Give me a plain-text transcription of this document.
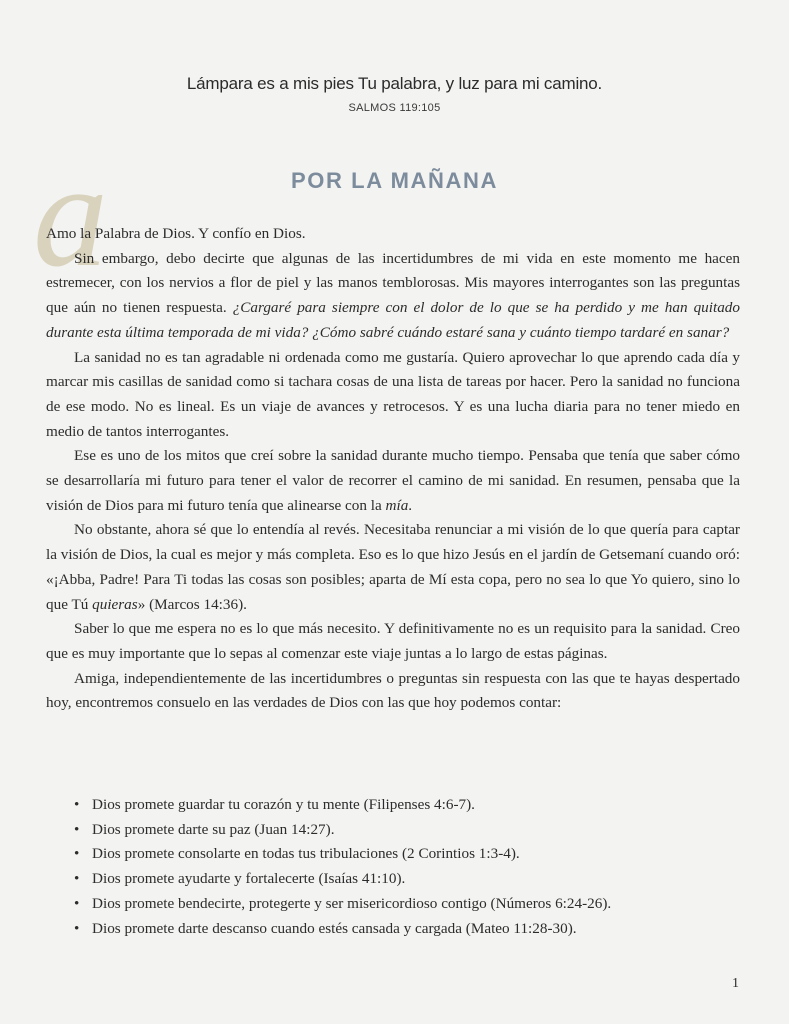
Lámpara es a mis pies Tu palabra, y luz para mi camino.
SALMOS 119:105
a	POR LA MAÑANA

Amo la Palabra de Dios. Y confío en Dios.

Sin embargo, debo decirte que algunas de las incertidumbres de mi vida en este momento me hacen estremecer, con los nervios a flor de piel y las manos temblorosas. Mis mayores interrogantes son las preguntas que aún no tienen respuesta. ¿Cargaré para siempre con el dolor de lo que se ha perdido y me han quitado durante esta última temporada de mi vida? ¿Cómo sabré cuándo estaré sana y cuánto tiempo tardaré en sanar?

La sanidad no es tan agradable ni ordenada como me gustaría. Quiero aprovechar lo que aprendo cada día y marcar mis casillas de sanidad como si tachara cosas de una lista de tareas por hacer. Pero la sanidad no funciona de ese modo. No es lineal. Es un viaje de avances y retrocesos. Y es una lucha diaria para no tener miedo en medio de tantos interrogantes.

Ese es uno de los mitos que creí sobre la sanidad durante mucho tiempo. Pensaba que tenía que saber cómo se desarrollaría mi futuro para tener el valor de recorrer el camino de mi sanidad. En resumen, pensaba que la visión de Dios para mi futuro tenía que alinearse con la mía.

No obstante, ahora sé que lo entendía al revés. Necesitaba renunciar a mi visión de lo que quería para captar la visión de Dios, la cual es mejor y más completa. Eso es lo que hizo Jesús en el jardín de Getsemaní cuando oró: «¡Abba, Padre! Para Ti todas las cosas son posibles; aparta de Mí esta copa, pero no sea lo que Yo quiero, sino lo que Tú quieras» (Marcos 14:36).

Saber lo que me espera no es lo que más necesito. Y definitivamente no es un requisito para la sanidad. Creo que es muy importante que lo sepas al comenzar este viaje juntas a lo largo de estas páginas.

Amiga, independientemente de las incertidumbres o preguntas sin respuesta con las que te hayas despertado hoy, encontremos consuelo en las verdades de Dios con las que hoy podemos contar:

• Dios promete guardar tu corazón y tu mente (Filipenses 4:6-7).
• Dios promete darte su paz (Juan 14:27).
• Dios promete consolarte en todas tus tribulaciones (2 Corintios 1:3-4).
• Dios promete ayudarte y fortalecerte (Isaías 41:10).
• Dios promete bendecirte, protegerte y ser misericordioso contigo (Números 6:24-26).
• Dios promete darte descanso cuando estés cansada y cargada (Mateo 11:28-30).
1
